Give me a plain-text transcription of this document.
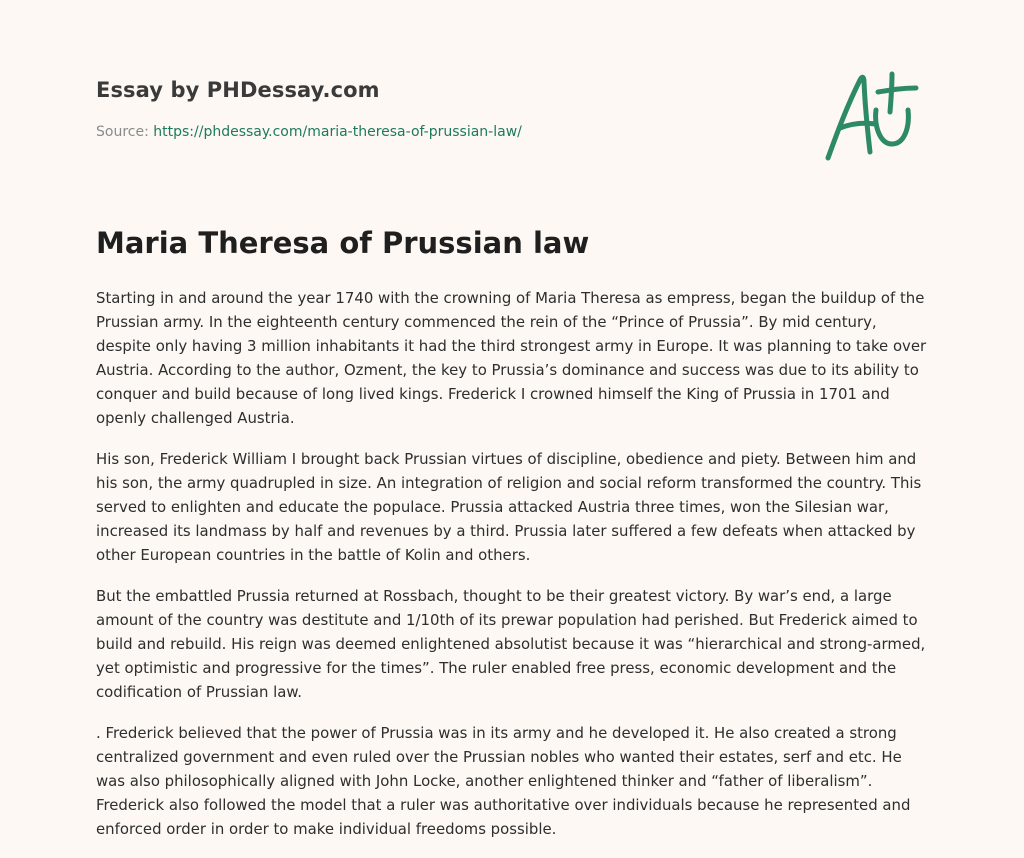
Essay by PHDessay.com
Source: https://phdessay.com/maria-theresa-of-prussian-law/
Maria Theresa of Prussian law

Starting in and around the year 1740 with the crowning of Maria Theresa as empress, began the buildup of the Prussian army. In the eighteenth century commenced the rein of the “Prince of Prussia”. By mid century, despite only having 3 million inhabitants it had the third strongest army in Europe. It was planning to take over Austria. According to the author, Ozment, the key to Prussia’s dominance and success was due to its ability to conquer and build because of long lived kings. Frederick I crowned himself the King of Prussia in 1701 and openly challenged Austria.

His son, Frederick William I brought back Prussian virtues of discipline, obedience and piety. Between him and his son, the army quadrupled in size. An integration of religion and social reform transformed the country. This served to enlighten and educate the populace. Prussia attacked Austria three times, won the Silesian war, increased its landmass by half and revenues by a third. Prussia later suffered a few defeats when attacked by other European countries in the battle of Kolin and others.

But the embattled Prussia returned at Rossbach, thought to be their greatest victory. By war’s end, a large amount of the country was destitute and 1/10th of its prewar population had perished. But Frederick aimed to build and rebuild. His reign was deemed enlightened absolutist because it was “hierarchical and strong-armed, yet optimistic and progressive for the times”. The ruler enabled free press, economic development and the codification of Prussian law.

. Frederick believed that the power of Prussia was in its army and he developed it. He also created a strong centralized government and even ruled over the Prussian nobles who wanted their estates, serf and etc. He was also philosophically aligned with John Locke, another enlightened thinker and “father of liberalism”. Frederick also followed the model that a ruler was authoritative over individuals because he represented and enforced order in order to make individual freedoms possible.
